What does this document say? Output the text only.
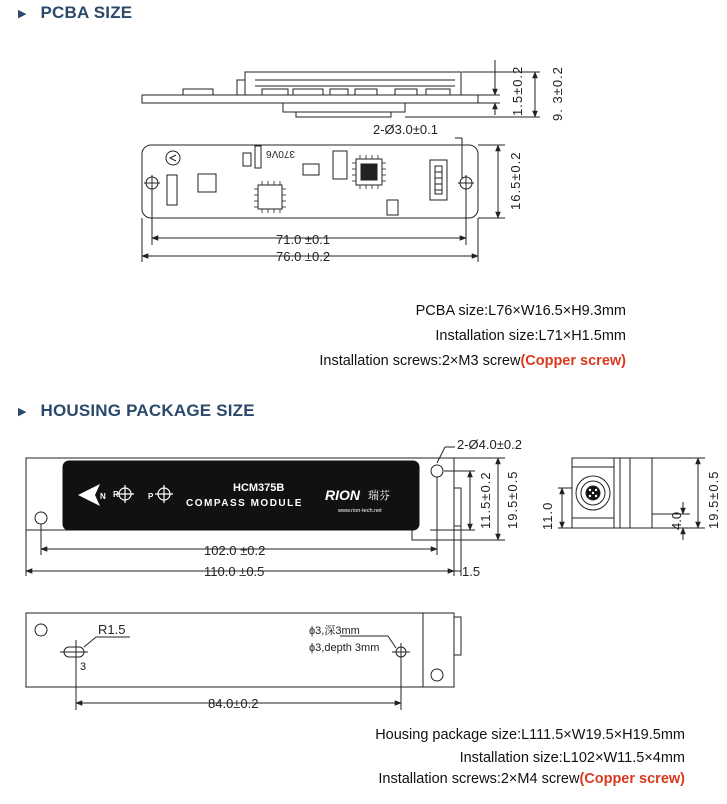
▶ PCBA SIZE
▶ HOUSING PACKAGE SIZE
1.5±0.2 9. 3±0.2
2-Ø3.0±0.1
16.5±0.2
71.0 ±0.1
76.0 ±0.2
370V6
PCBA size:L76×W16.5×H9.3mm
Installation size:L71×H1.5mm
Installation screws:2×M3 screw(Copper screw)
2-Ø4.0±0.2
11.5±0.2 19.5±0.5 11.0	4.0 19.5±0.5
102.0 ±0.2
110.0 ±0.5	1.5
R1.5
3
ϕ3,深3mm
ϕ3,depth 3mm
84.0±0.2
N R	P
HCM375B
COMPASS MODULE
RION 瑞芬
www.rion-tech.net
Housing package size:L111.5×W19.5×H19.5mm
Installation size:L102×W11.5×4mm
Installation screws:2×M4 screw(Copper screw)
